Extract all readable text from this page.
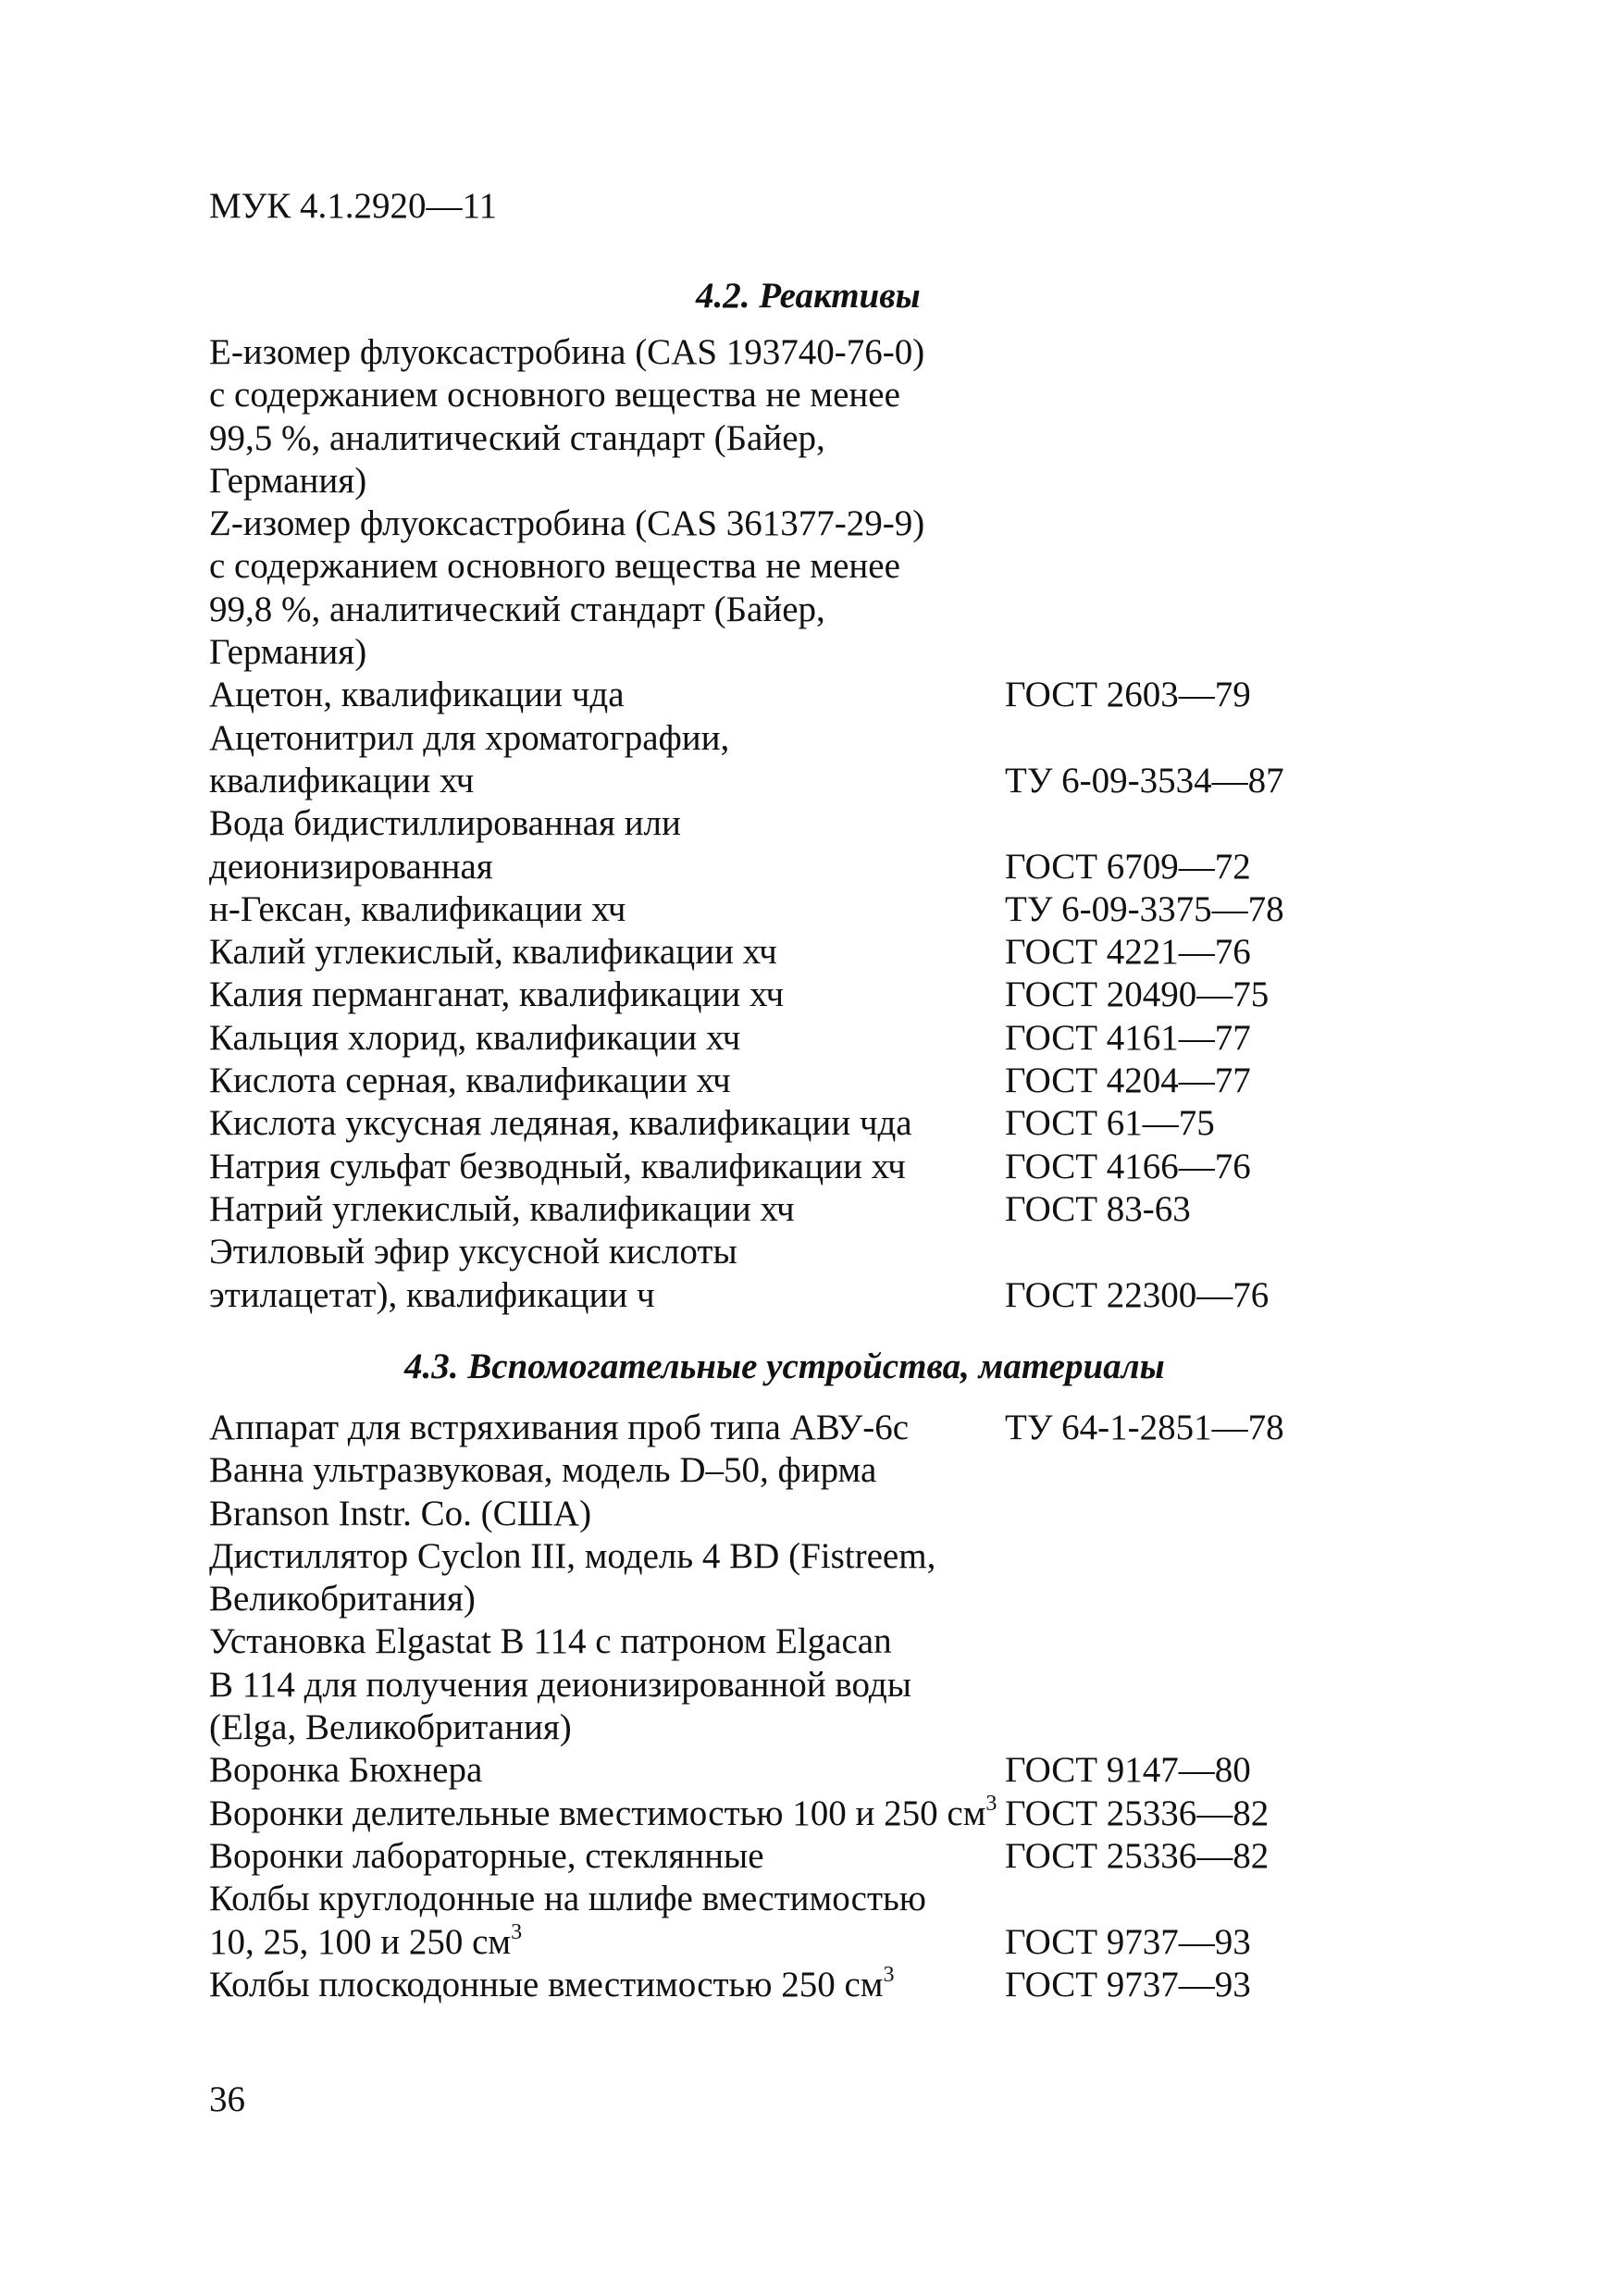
МУК 4.1.2920—11
4.2. Реактивы
E-изомер флуоксастробина (CAS 193740-76-0)
с содержанием основного вещества не менее
99,5 %, аналитический стандарт (Байер,
Германия)
Z-изомер флуоксастробина (CAS 361377-29-9)
с содержанием основного вещества не менее
99,8 %, аналитический стандарт (Байер,
Германия)
Ацетон, квалификации чда	ГОСТ 2603—79
Ацетонитрил для хроматографии,
квалификации хч	ТУ 6-09-3534—87
Вода бидистиллированная или
деионизированная	ГОСТ 6709—72
н-Гексан, квалификации хч	ТУ 6-09-3375—78
Калий углекислый, квалификации хч	ГОСТ 4221—76
Калия перманганат, квалификации хч	ГОСТ 20490—75
Кальция хлорид, квалификации хч	ГОСТ 4161—77
Кислота серная, квалификации хч	ГОСТ 4204—77
Кислота уксусная ледяная, квалификации чда	ГОСТ 61—75
Натрия сульфат безводный, квалификации хч	ГОСТ 4166—76
Натрий углекислый, квалификации хч	ГОСТ 83-63
Этиловый эфир уксусной кислоты
этилацетат), квалификации ч	ГОСТ 22300—76
4.3. Вспомогательные устройства, материалы
Аппарат для встряхивания проб типа АВУ-6с	ТУ 64-1-2851—78
Ванна ультразвуковая, модель D–50, фирма
Branson Instr. Co. (США)
Дистиллятор Cyclon III, модель 4 BD (Fistreem,
Великобритания)
Установка Elgastat B 114 с патроном Elgacan
B 114 для получения деионизированной воды
(Elga, Великобритания)
Воронка Бюхнера	ГОСТ 9147—80
Воронки делительные вместимостью 100 и 250 $см^3$ ГОСТ 25336—82
Воронки лабораторные, стеклянные	ГОСТ 25336—82
Колбы круглодонные на шлифе вместимостью
10, 25, 100 и 250 $см^3$	ГОСТ 9737—93
Колбы плоскодонные вместимостью 250 $см^3$	ГОСТ 9737—93
36
